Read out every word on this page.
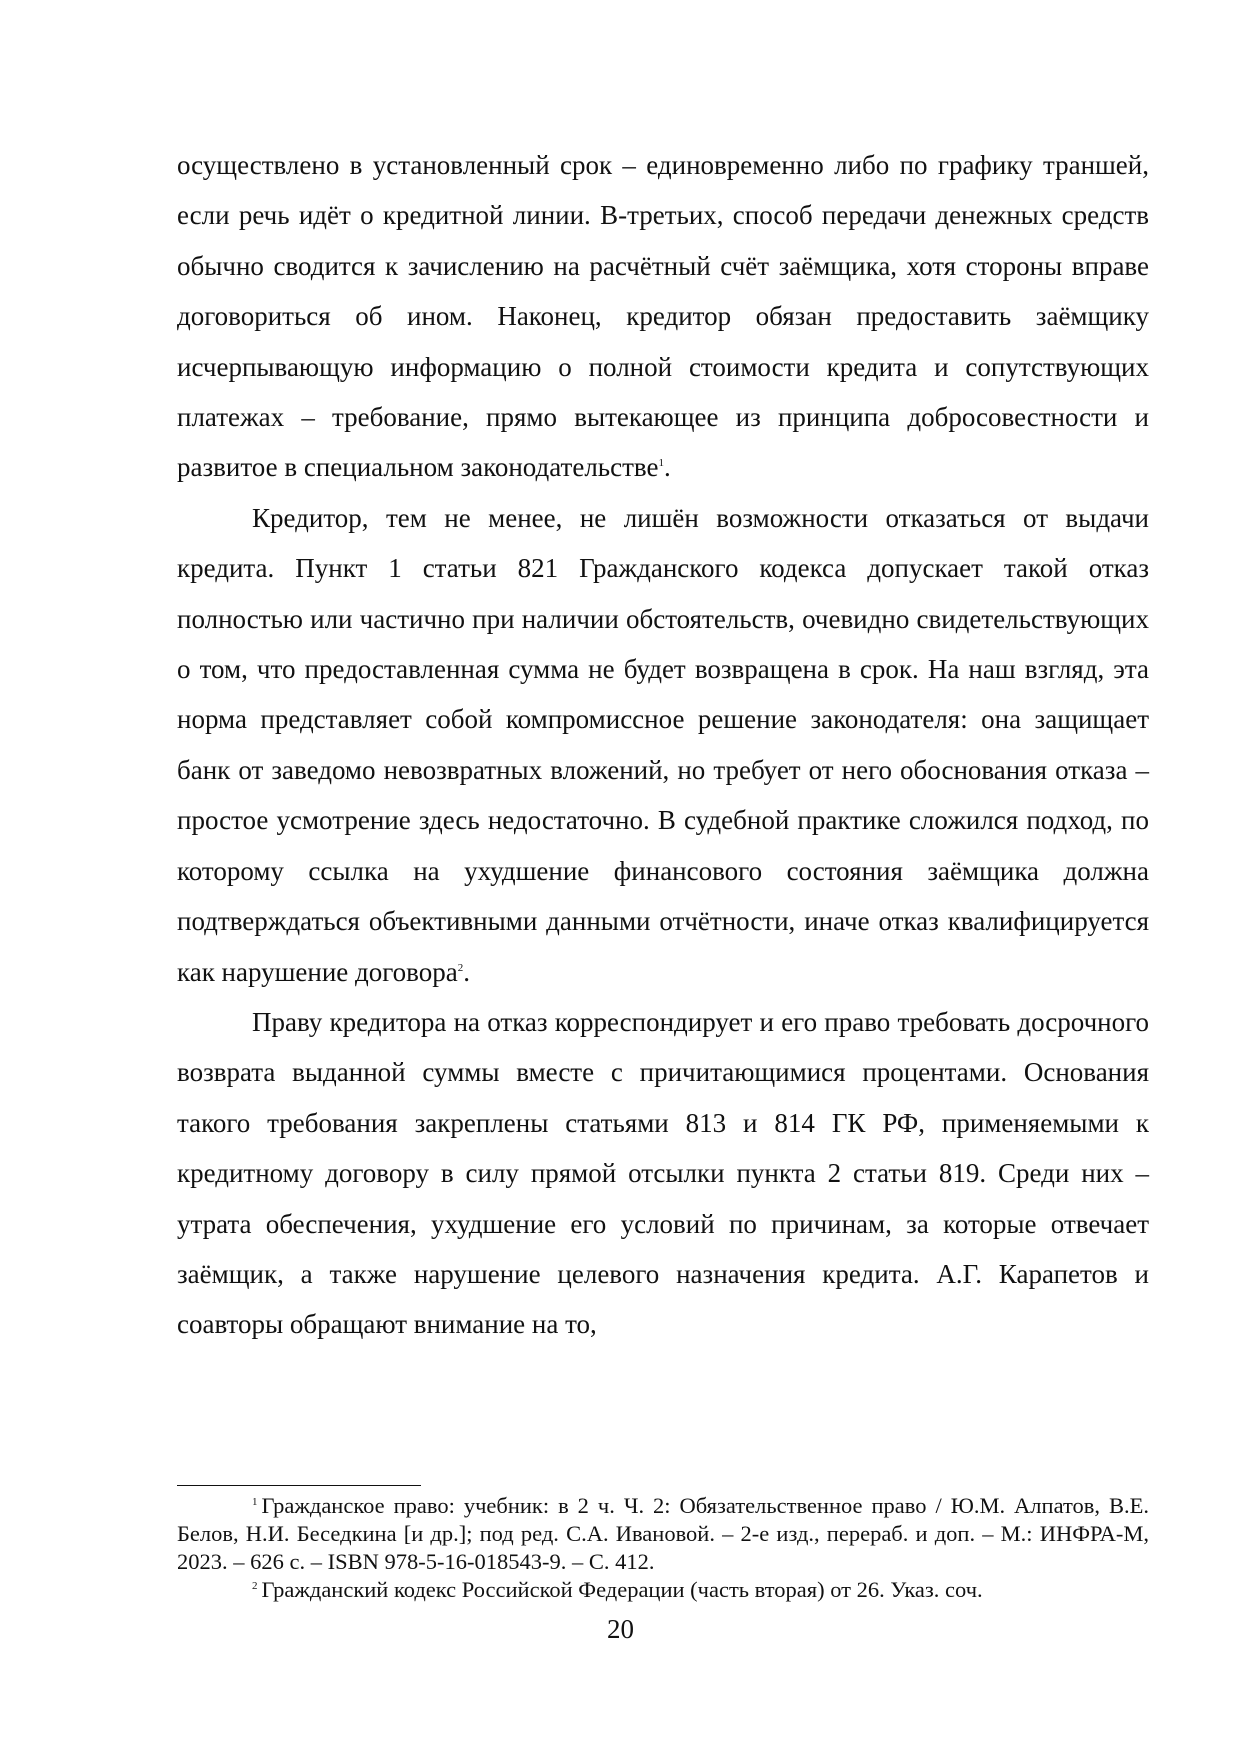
осуществлено в установленный срок – единовременно либо по графику траншей, если речь идёт о кредитной линии. В-третьих, способ передачи денежных средств обычно сводится к зачислению на расчётный счёт заёмщика, хотя стороны вправе договориться об ином. Наконец, кредитор обязан предоставить заёмщику исчерпывающую информацию о полной стоимости кредита и сопутствующих платежах – требование, прямо вытекающее из принципа добросовестности и развитое в специальном законодательстве$^1$.

Кредитор, тем не менее, не лишён возможности отказаться от выдачи кредита. Пункт 1 статьи 821 Гражданского кодекса допускает такой отказ полностью или частично при наличии обстоятельств, очевидно свидетельствующих о том, что предоставленная сумма не будет возвращена в срок. На наш взгляд, эта норма представляет собой компромиссное решение законодателя: она защищает банк от заведомо невозвратных вложений, но требует от него обоснования отказа – простое усмотрение здесь недостаточно. В судебной практике сложился подход, по которому ссылка на ухудшение финансового состояния заёмщика должна подтверждаться объективными данными отчётности, иначе отказ квалифицируется как нарушение договора$^2$.

Праву кредитора на отказ корреспондирует и его право требовать досрочного возврата выданной суммы вместе с причитающимися процентами. Основания такого требования закреплены статьями 813 и 814 ГК РФ, применяемыми к кредитному договору в силу прямой отсылки пункта 2 статьи 819. Среди них – утрата обеспечения, ухудшение его условий по причинам, за которые отвечает заёмщик, а также нарушение целевого назначения кредита. А.Г. Карапетов и соавторы обращают внимание на то,

$^1$ Гражданское право: учебник: в 2 ч. Ч. 2: Обязательственное право / Ю.М. Алпатов, В.Е. Белов, Н.И. Беседкина [и др.]; под ред. С.А. Ивановой. – 2-е изд., перераб. и доп. – М.: ИНФРА-М, 2023. – 626 с. – ISBN 978-5-16-018543-9. – С. 412.

$^2$ Гражданский кодекс Российской Федерации (часть вторая) от 26. Указ. соч.

20
